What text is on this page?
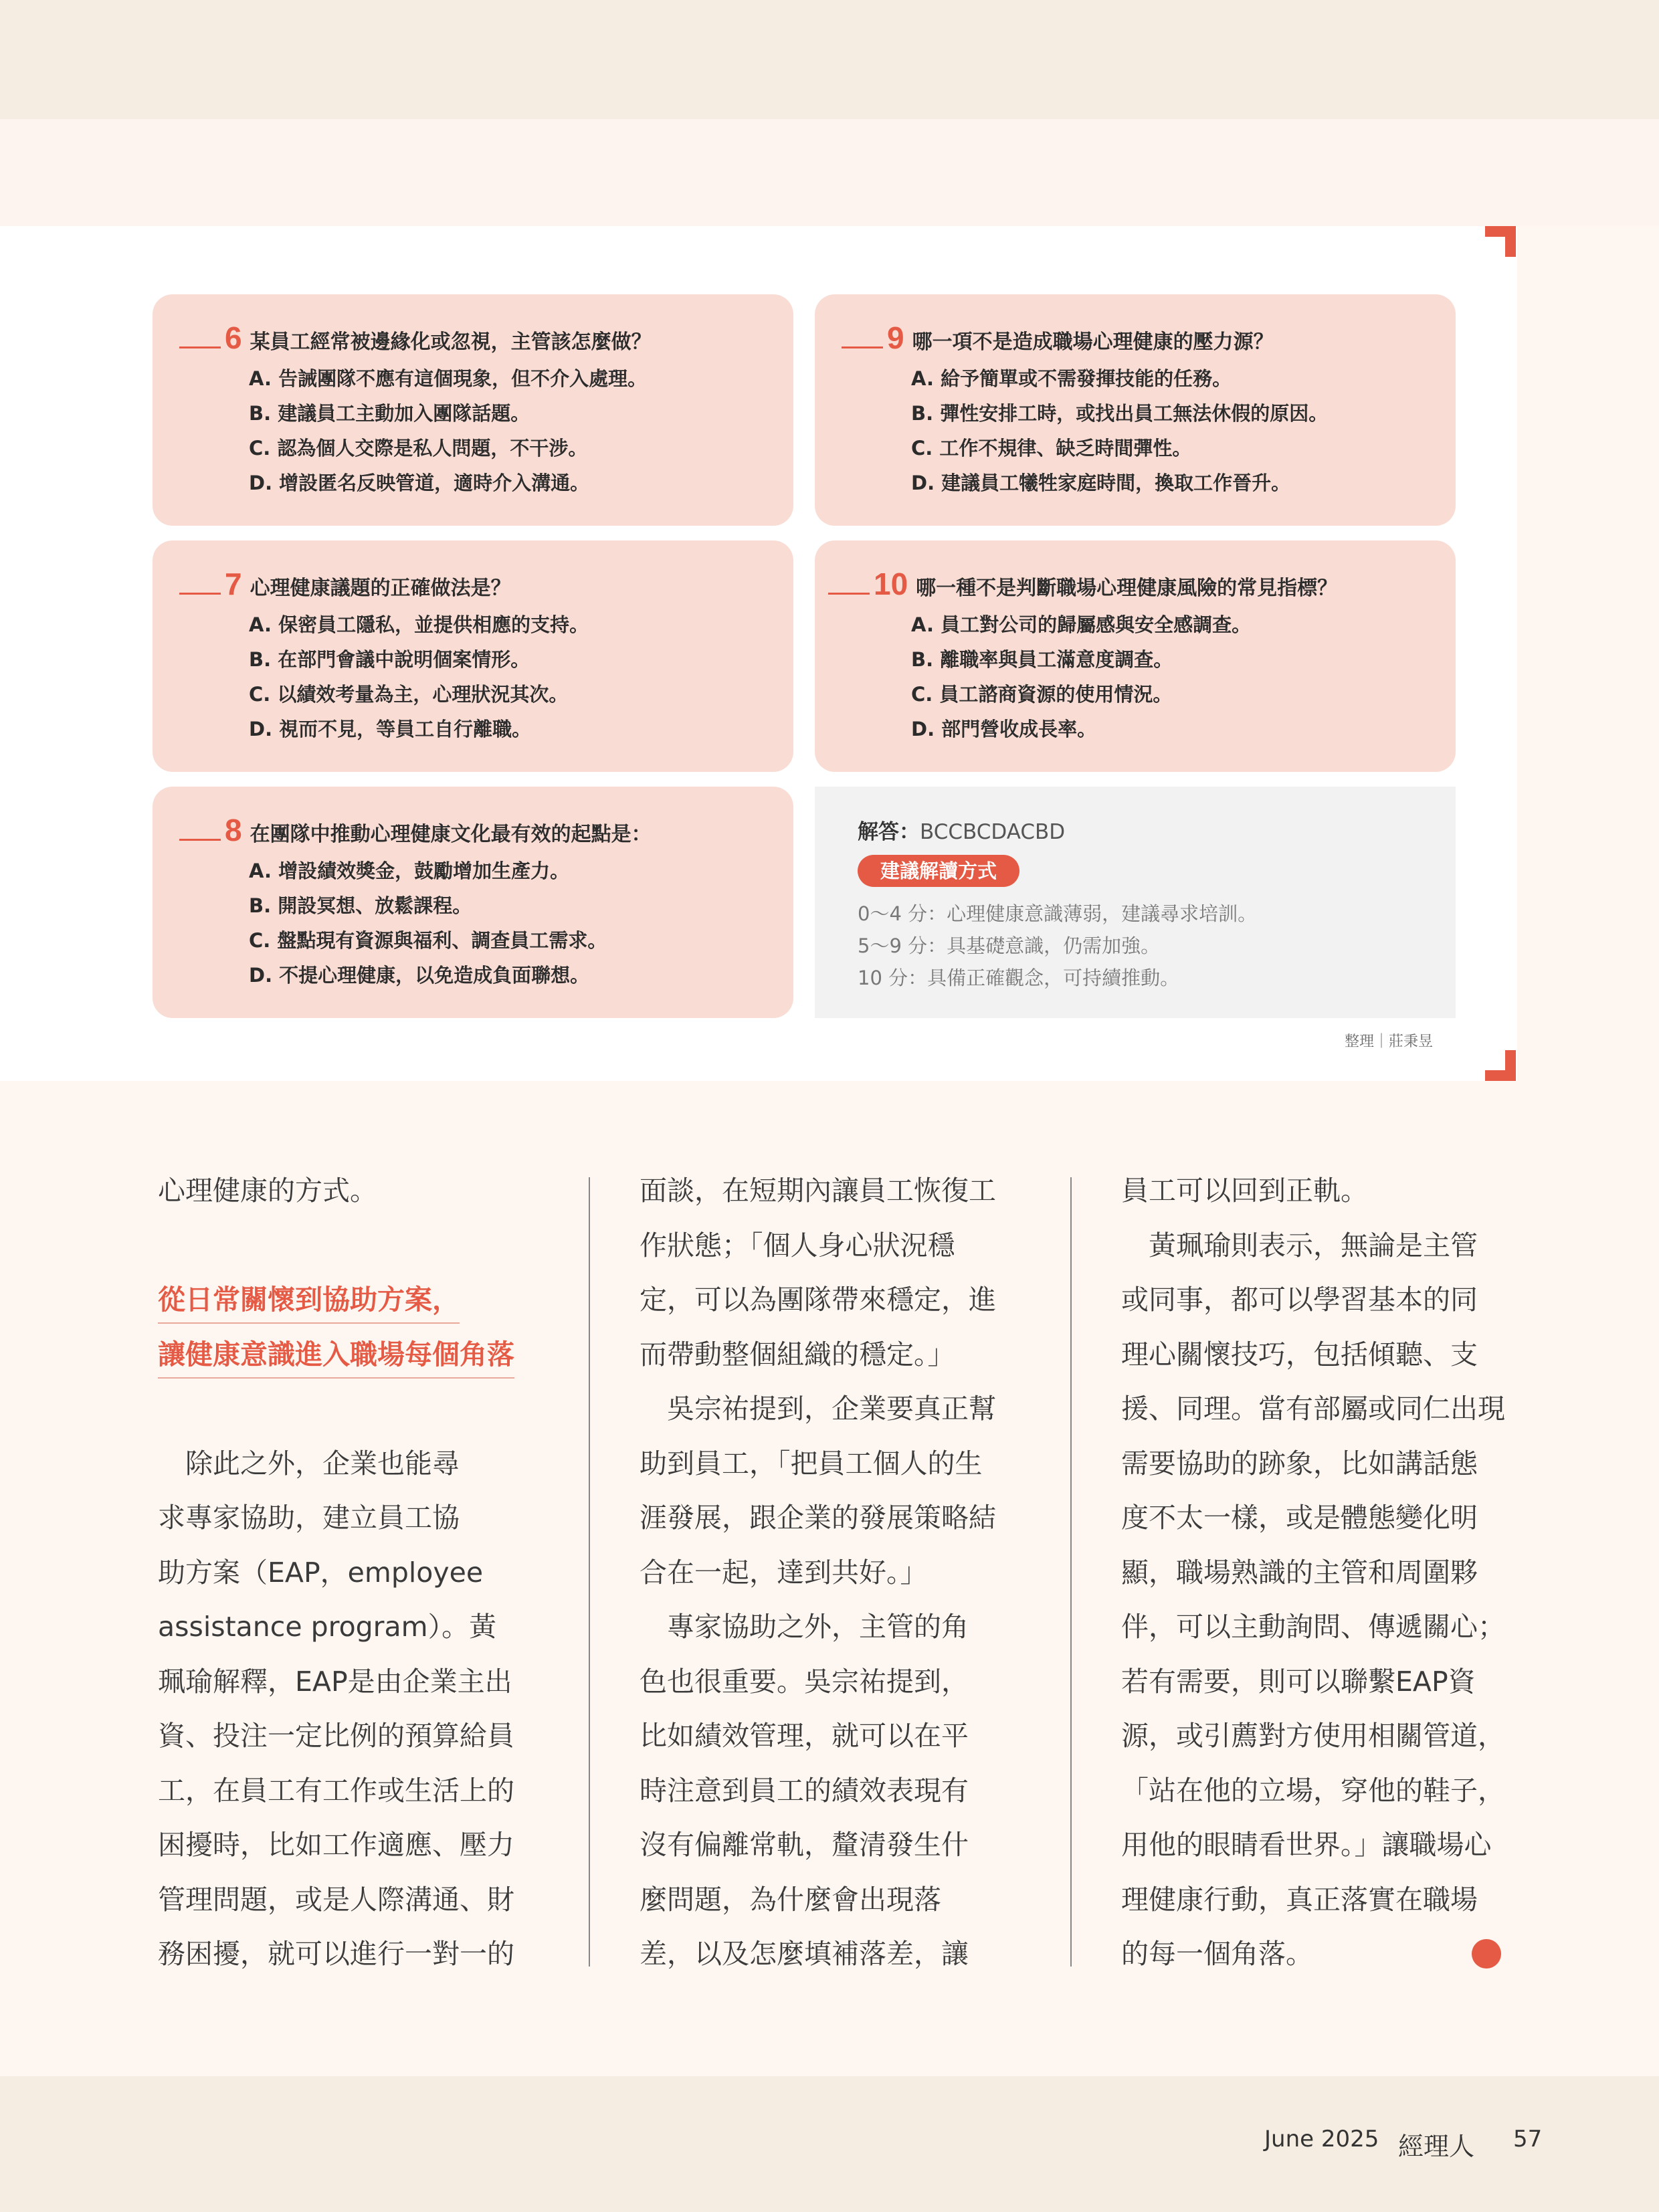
6 某員工經常被邊緣化或忽視，主管該怎麼做？
A. 告誡團隊不應有這個現象，但不介入處理。
B. 建議員工主動加入團隊話題。
C. 認為個人交際是私人問題，不干涉。
D. 增設匿名反映管道，適時介入溝通。
7 心理健康議題的正確做法是？
A. 保密員工隱私，並提供相應的支持。
B. 在部門會議中說明個案情形。
C. 以績效考量為主，心理狀況其次。
D. 視而不見，等員工自行離職。
8 在團隊中推動心理健康文化最有效的起點是：
A. 增設績效獎金，鼓勵增加生產力。
B. 開設冥想、放鬆課程。
C. 盤點現有資源與福利、調查員工需求。
D. 不提心理健康，以免造成負面聯想。
9 哪一項不是造成職場心理健康的壓力源？
A. 給予簡單或不需發揮技能的任務。
B. 彈性安排工時，或找出員工無法休假的原因。
C. 工作不規律、缺乏時間彈性。
D. 建議員工犧牲家庭時間，換取工作晉升。
10 哪一種不是判斷職場心理健康風險的常見指標？
A. 員工對公司的歸屬感與安全感調查。
B. 離職率與員工滿意度調查。
C. 員工諮商資源的使用情況。
D. 部門營收成長率。
解答：BCCBCDACBD
建議解讀方式
0～4 分：心理健康意識薄弱，建議尋求培訓。
5～9 分：具基礎意識，仍需加強。
10 分：具備正確觀念，可持續推動。
整理｜莊秉昱

心理健康的方式。

從日常關懷到協助方案，

讓健康意識進入職場每個角落

　除此之外，企業也能尋

求專家協助，建立員工協

助方案（EAP，employee

assistance program）。黃

珮瑜解釋，EAP是由企業主出

資、投注一定比例的預算給員

工，在員工有工作或生活上的

困擾時，比如工作適應、壓力

管理問題，或是人際溝通、財

務困擾，就可以進行一對一的

面談，在短期內讓員工恢復工

作狀態；「個人身心狀況穩

定，可以為團隊帶來穩定，進

而帶動整個組織的穩定。」

　吳宗祐提到，企業要真正幫

助到員工，「把員工個人的生

涯發展，跟企業的發展策略結

合在一起，達到共好。」

　專家協助之外，主管的角

色也很重要。吳宗祐提到，

比如績效管理，就可以在平

時注意到員工的績效表現有

沒有偏離常軌，釐清發生什

麼問題，為什麼會出現落

差，以及怎麼填補落差，讓

員工可以回到正軌。

　黃珮瑜則表示，無論是主管

或同事，都可以學習基本的同

理心關懷技巧，包括傾聽、支

援、同理。當有部屬或同仁出現

需要協助的跡象，比如講話態

度不太一樣，或是體態變化明

顯，職場熟識的主管和周圍夥

伴，可以主動詢問、傳遞關心；

若有需要，則可以聯繫EAP資

源，或引薦對方使用相關管道，

「站在他的立場，穿他的鞋子，

用他的眼睛看世界。」讓職場心

理健康行動，真正落實在職場

的每一個角落。

June 2025 經理人 57
